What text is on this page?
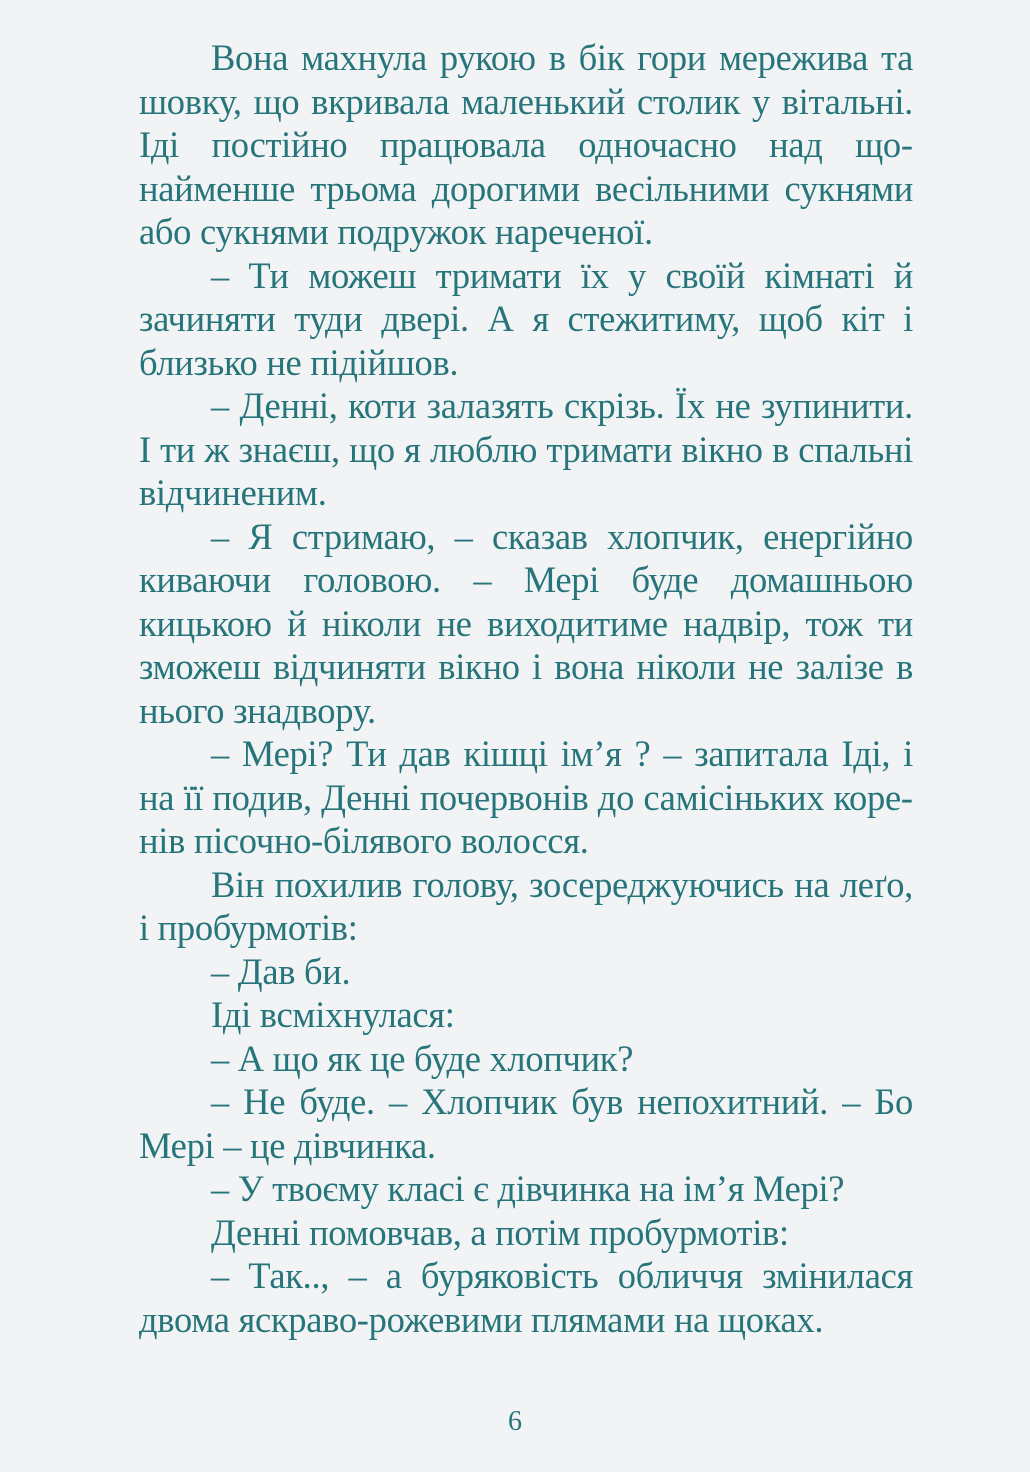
Вона махнула рукою в бік гори мережива та шовку, що вкривала маленький столик у вітальні. Іді постійно працювала одночасно над щонайменше трьома дорогими весільними сукнями або сукнями подружок нареченої.

– Ти можеш тримати їх у своїй кімнаті й зачиняти туди двері. А я стежитиму, щоб кіт і близько не підійшов.

– Денні, коти залазять скрізь. Їх не зупинити. І ти ж знаєш, що я люблю тримати вікно в спальні відчиненим.

– Я стримаю, – сказав хлопчик, енергійно киваючи головою. – Мері буде домашньою кицькою й ніколи не виходитиме надвір, тож ти зможеш відчиняти вікно і вона ніколи не залізе в нього знадвору.

– Мері? Ти дав кішці ім’я ? – запитала Іді, і на її подив, Денні почервонів до самісіньких коренів пісочно-білявого волосся.

Він похилив голову, зосереджуючись на леґо, і пробурмотів:

– Дав би.

Іді всміхнулася:

– А що як це буде хлопчик?

– Не буде. – Хлопчик був непохитний. – Бо Мері – це дівчинка.

– У твоєму класі є дівчинка на ім’я Мері?

Денні помовчав, а потім пробурмотів:

– Так.., – а буряковість обличчя змінилася двома яскраво-рожевими плямами на щоках.

6
